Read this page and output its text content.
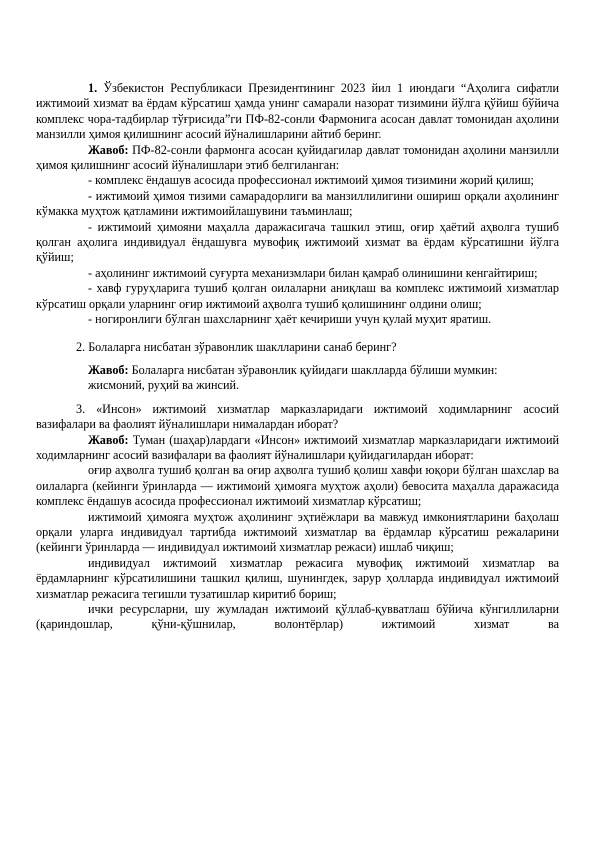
1. Ўзбекистон Республикаси Президентининг 2023 йил 1 июндаги “Аҳолига сифатли ижтимоий хизмат ва ёрдам кўрсатиш ҳамда унинг самарали назорат тизимини йўлга қўйиш бўйича комплекс чора-тадбирлар тўғрисида”ги ПФ-82-сонли Фармонига асосан давлат томонидан аҳолини манзилли ҳимоя қилишнинг асосий йўналишларини айтиб беринг.

Жавоб: ПФ-82-сонли фармонга асосан қуйидагилар давлат томонидан аҳолини манзилли ҳимоя қилишнинг асосий йўналишлари этиб белгиланган:

- комплекс ёндашув асосида профессионал ижтимоий ҳимоя тизимини жорий қилиш;

- ижтимоий ҳимоя тизими самарадорлиги ва манзиллилигини ошириш орқали аҳолининг кўмакка муҳтож қатламини ижтимоийлашувини таъминлаш;

- ижтимоий ҳимояни маҳалла даражасигача ташкил этиш, оғир ҳаётий аҳволга тушиб қолган аҳолига индивидуал ёндашувга мувофиқ ижтимоий хизмат ва ёрдам кўрсатишни йўлга қўйиш;

- аҳолининг ижтимоий суғурта механизмлари билан қамраб олинишини кенгайтириш;

- хавф гуруҳларига тушиб қолган оилаларни аниқлаш ва комплекс ижтимоий хизматлар кўрсатиш орқали уларнинг оғир ижтимоий аҳволга тушиб қолишининг олдини олиш;

- ногиронлиги бўлган шахсларнинг ҳаёт кечириши учун қулай муҳит яратиш.

2. Болаларга нисбатан зўравонлик шаклларини санаб беринг?

Жавоб: Болаларга нисбатан зўравонлик қуйидаги шаклларда бўлиши мумкин:

жисмоний, руҳий ва жинсий.

3. «Инсон» ижтимоий хизматлар марказларидаги ижтимоий ходимларнинг асосий вазифалари ва фаолият йўналишлари нималардан иборат?

Жавоб: Туман (шаҳар)лардаги «Инсон» ижтимоий хизматлар марказларидаги ижтимоий ходимларнинг асосий вазифалари ва фаолият йўналишлари қуйидагилардан иборат:

оғир аҳволга тушиб қолган ва оғир аҳволга тушиб қолиш хавфи юқори бўлган шахслар ва оилаларга (кейинги ўринларда — ижтимоий ҳимояга муҳтож аҳоли) бевосита маҳалла даражасида комплекс ёндашув асосида профессионал ижтимоий хизматлар кўрсатиш;

ижтимоий ҳимояга муҳтож аҳолининг эҳтиёжлари ва мавжуд имкониятларини баҳолаш орқали уларга индивидуал тартибда ижтимоий хизматлар ва ёрдамлар кўрсатиш режаларини (кейинги ўринларда — индивидуал ижтимоий хизматлар режаси) ишлаб чиқиш;

индивидуал ижтимоий хизматлар режасига мувофиқ ижтимоий хизматлар ва ёрдамларнинг кўрсатилишини ташкил қилиш, шунингдек, зарур ҳолларда индивидуал ижтимоий хизматлар режасига тегишли тузатишлар киритиб бориш;

ички ресурсларни, шу жумладан ижтимоий қўллаб-қувватлаш бўйича кўнгиллиларни (қариндошлар, қўни-қўшнилар, волонтёрлар) ижтимоий хизмат ва
